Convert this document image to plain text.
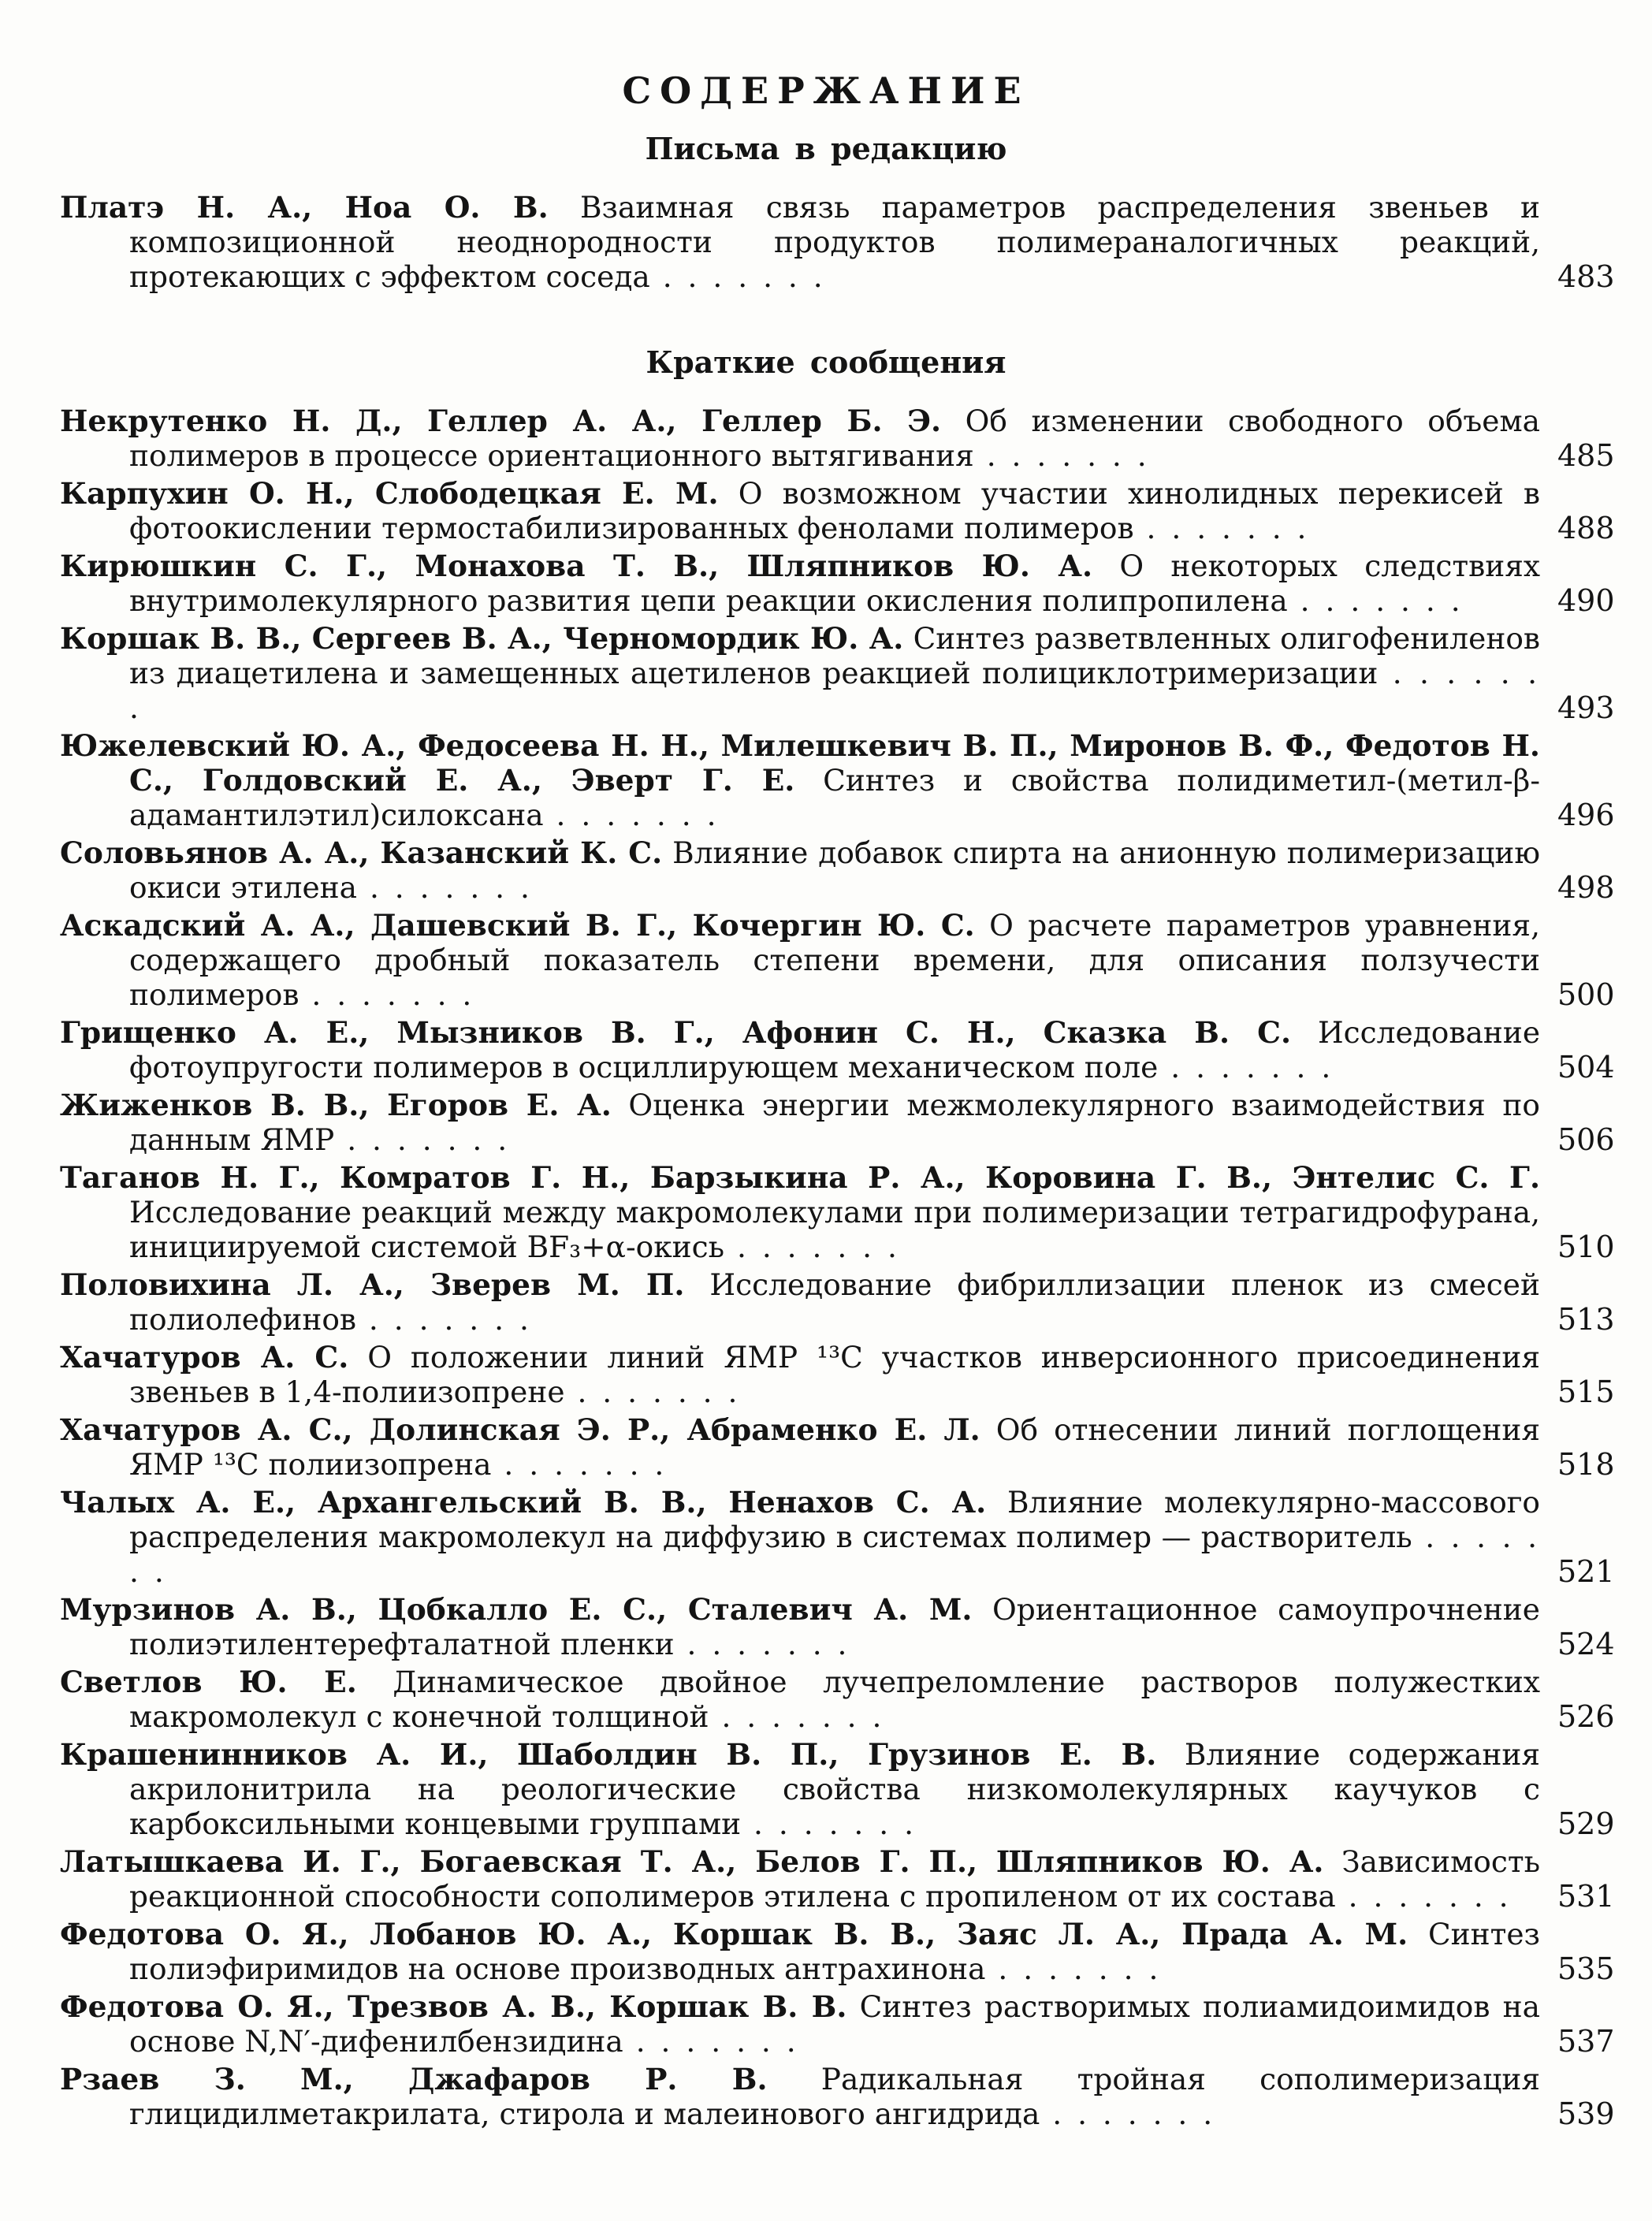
СОДЕРЖАНИЕ
Письма в редакцию
Платэ Н. А., Ноа О. В. Взаимная связь параметров распределения звеньев и композиционной неоднородности продуктов полимераналогичных реакций, протекающих с эффектом соседа . . . . . . .	483
Краткие сообщения
Некрутенко Н. Д., Геллер А. А., Геллер Б. Э. Об изменении свободного объема полимеров в процессе ориентационного вытягивания . . . . . . .	485
Карпухин О. Н., Слободецкая Е. М. О возможном участии хинолидных перекисей в фотоокислении термостабилизированных фенолами полимеров . . . . . . .	488
Кирюшкин С. Г., Монахова Т. В., Шляпников Ю. А. О некоторых следствиях внутримолекулярного развития цепи реакции окисления полипропилена . . . . . . .	490
Коршак В. В., Сергеев В. А., Черномордик Ю. А. Синтез разветвленных олигофениленов из диацетилена и замещенных ацетиленов реакцией полициклотримеризации . . . . . . .	493
Южелевский Ю. А., Федосеева Н. Н., Милешкевич В. П., Миронов В. Ф., Федотов Н. С., Голдовский Е. А., Эверт Г. Е. Синтез и свойства полидиметил-(метил-β-адамантилэтил)силоксана . . . . . . .	496
Соловьянов А. А., Казанский К. С. Влияние добавок спирта на анионную полимеризацию окиси этилена . . . . . . .	498
Аскадский А. А., Дашевский В. Г., Кочергин Ю. С. О расчете параметров уравнения, содержащего дробный показатель степени времени, для описания ползучести полимеров . . . . . . .	500
Грищенко А. Е., Мызников В. Г., Афонин С. Н., Сказка В. С. Исследование фотоупругости полимеров в осциллирующем механическом поле . . . . . . .	504
Жиженков В. В., Егоров Е. А. Оценка энергии межмолекулярного взаимодействия по данным ЯМР . . . . . . .	506
Таганов Н. Г., Комратов Г. Н., Барзыкина Р. А., Коровина Г. В., Энтелис С. Г. Исследование реакций между макромолекулами при полимеризации тетрагидрофурана, инициируемой системой BF₃+α-окись . . . . . . .	510
Половихина Л. А., Зверев М. П. Исследование фибриллизации пленок из смесей полиолефинов . . . . . . .	513
Хачатуров А. С. О положении линий ЯМР ¹³С участков инверсионного присоединения звеньев в 1,4-полиизопрене . . . . . . .	515
Хачатуров А. С., Долинская Э. Р., Абраменко Е. Л. Об отнесении линий поглощения ЯМР ¹³С полиизопрена . . . . . . .	518
Чалых А. Е., Архангельский В. В., Ненахов С. А. Влияние молекулярно-массового распределения макромолекул на диффузию в системах полимер — растворитель . . . . . . .	521
Мурзинов А. В., Цобкалло Е. С., Сталевич А. М. Ориентационное самоупрочнение полиэтилентерефталатной пленки . . . . . . .	524
Светлов Ю. Е. Динамическое двойное лучепреломление растворов полужестких макромолекул с конечной толщиной . . . . . . .	526
Крашенинников А. И., Шаболдин В. П., Грузинов Е. В. Влияние содержания акрилонитрила на реологические свойства низкомолекулярных каучуков с карбоксильными концевыми группами . . . . . . .	529
Латышкаева И. Г., Богаевская Т. А., Белов Г. П., Шляпников Ю. А. Зависимость реакционной способности сополимеров этилена с пропиленом от их состава . . . . . . . 531
Федотова О. Я., Лобанов Ю. А., Коршак В. В., Заяс Л. А., Прада А. М. Синтез полиэфиримидов на основе производных антрахинона . . . . . . .	535
Федотова О. Я., Трезвов А. В., Коршак В. В. Синтез растворимых полиамидоимидов на основе N,N′-дифенилбензидина . . . . . . .	537
Рзаев З. М., Джафаров Р. В. Радикальная тройная сополимеризация глицидилметакрилата, стирола и малеинового ангидрида . . . . . . .	539
